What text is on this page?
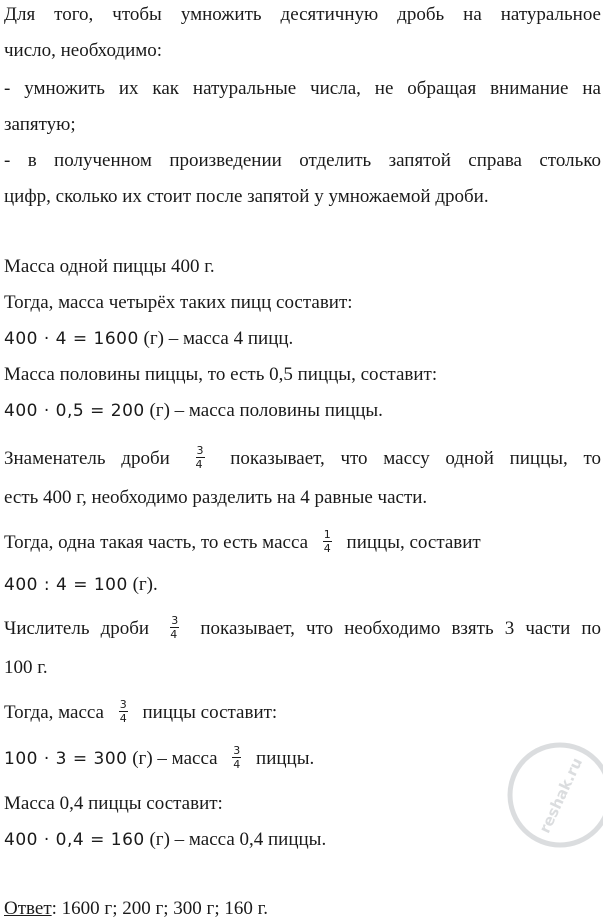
Для того, чтобы умножить десятичную дробь на натуральное
число, необходимо:
- умножить их как натуральные числа, не обращая внимание на
запятую;
- в полученном произведении отделить запятой справа столько
цифр, сколько их стоит после запятой у умножаемой дроби.
Масса одной пиццы 400 г.
Тогда, масса четырёх таких пицц составит:
400 · 4 = 1600 (г) – масса 4 пицц.
Масса половины пиццы, то есть 0,5 пиццы, составит:
400 · 0,5 = 200 (г) – масса половины пиццы.
Знаменатель дроби $\frac{3}{4}$ показывает, что массу одной пиццы, то
есть 400 г, необходимо разделить на 4 равные части.
Тогда, одна такая часть, то есть масса $\frac{1}{4}$ пиццы, составит
400 : 4 = 100 (г).
Числитель дроби $\frac{3}{4}$ показывает, что необходимо взять 3 части по
100 г.
Тогда, масса $\frac{3}{4}$ пиццы составит:
100 · 3 = 300 (г) – масса $\frac{3}{4}$ пиццы.
Масса 0,4 пиццы составит:
400 · 0,4 = 160 (г) – масса 0,4 пиццы.
Ответ: 1600 г; 200 г; 300 г; 160 г.
reshak.ru
